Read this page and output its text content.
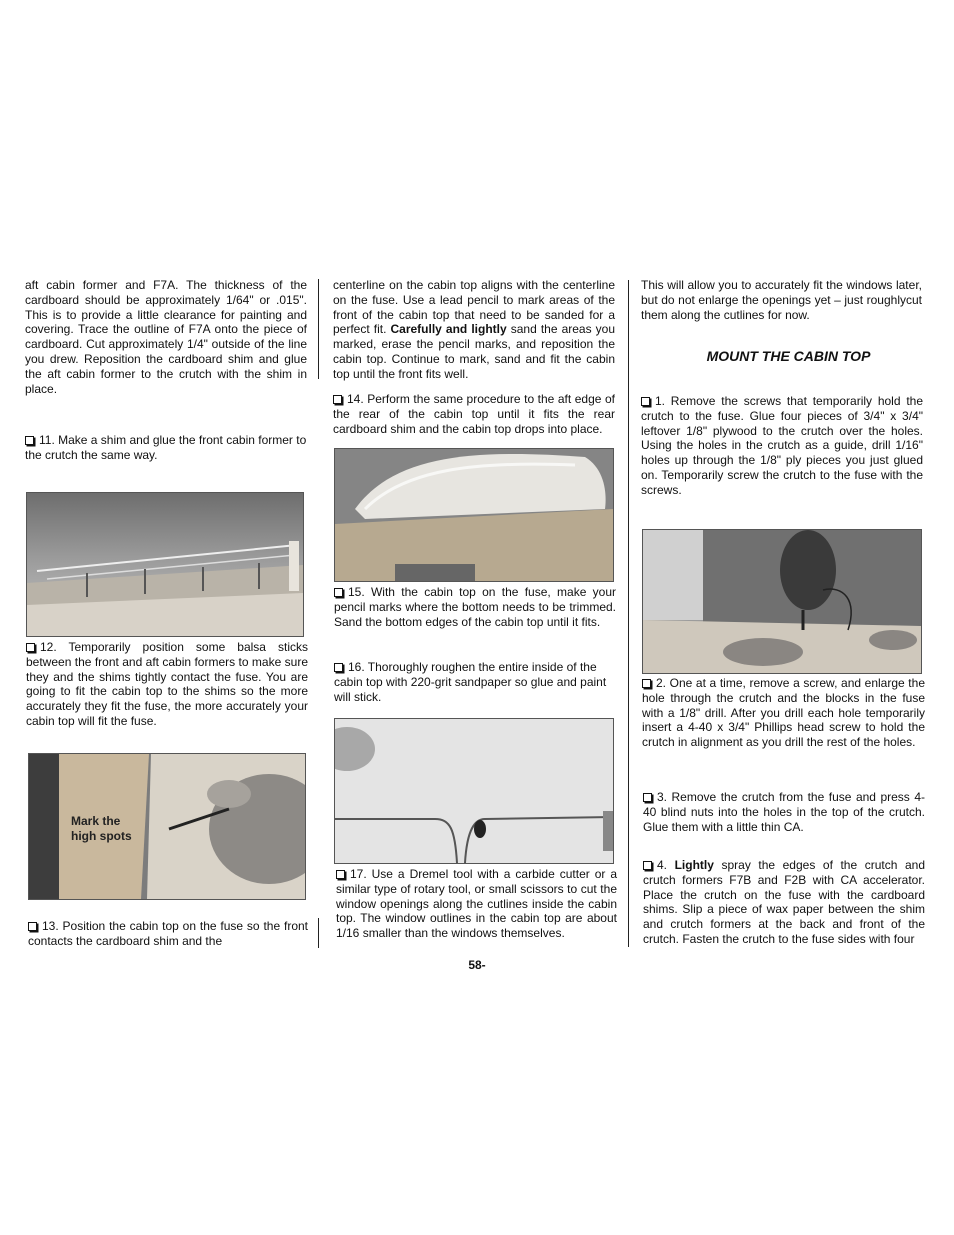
aft cabin former and F7A. The thickness of the cardboard should be approximately 1/64" or .015". This is to provide a little clearance for painting and covering. Trace the outline of F7A onto the piece of cardboard. Cut approximately 1/4" outside of the line you drew. Reposition the cardboard shim and glue the aft cabin former to the crutch with the shim in place.

11. Make a shim and glue the front cabin former to the crutch the same way.

12. Temporarily position some balsa sticks between the front and aft cabin formers to make sure they and the shims tightly contact the fuse. You are going to fit the cabin top to the shims so the more accurately they fit the fuse, the more accurately your cabin top will fit the fuse.

Mark the
high spots

13. Position the cabin top on the fuse so the front contacts the cardboard shim and the

centerline on the cabin top aligns with the centerline on the fuse. Use a lead pencil to mark areas of the front of the cabin top that need to be sanded for a perfect fit. Carefully and lightly sand the areas you marked, erase the pencil marks, and reposition the cabin top. Continue to mark, sand and fit the cabin top until the front fits well.

14. Perform the same procedure to the aft edge of the rear of the cabin top until it fits the rear cardboard shim and the cabin top drops into place.

15. With the cabin top on the fuse, make your pencil marks where the bottom needs to be trimmed. Sand the bottom edges of the cabin top until it fits.

16. Thoroughly roughen the entire inside of the cabin top with 220-grit sandpaper so glue and paint will stick.

17. Use a Dremel tool with a carbide cutter or a similar type of rotary tool, or small scissors to cut the window openings along the cutlines inside the cabin top. The window outlines in the cabin top are about 1/16 smaller than the windows themselves.

This will allow you to accurately fit the windows later, but do not enlarge the openings yet – just roughlycut them along the cutlines for now.

MOUNT THE CABIN TOP

1. Remove the screws that temporarily hold the crutch to the fuse. Glue four pieces of 3/4" x 3/4" leftover 1/8" plywood to the crutch over the holes. Using the holes in the crutch as a guide, drill 1/16" holes up through the 1/8" ply pieces you just glued on. Temporarily screw the crutch to the fuse with the screws.

2. One at a time, remove a screw, and enlarge the hole through the crutch and the blocks in the fuse with a 1/8" drill. After you drill each hole temporarily insert a 4-40 x 3/4" Phillips head screw to hold the crutch in alignment as you drill the rest of the holes.

3. Remove the crutch from the fuse and press 4-40 blind nuts into the holes in the top of the crutch. Glue them with a little thin CA.

4. Lightly spray the edges of the crutch and crutch formers F7B and F2B with CA accelerator. Place the crutch on the fuse with the cardboard shims. Slip a piece of wax paper between the shim and crutch formers at the back and front of the crutch. Fasten the crutch to the fuse sides with four

58-
